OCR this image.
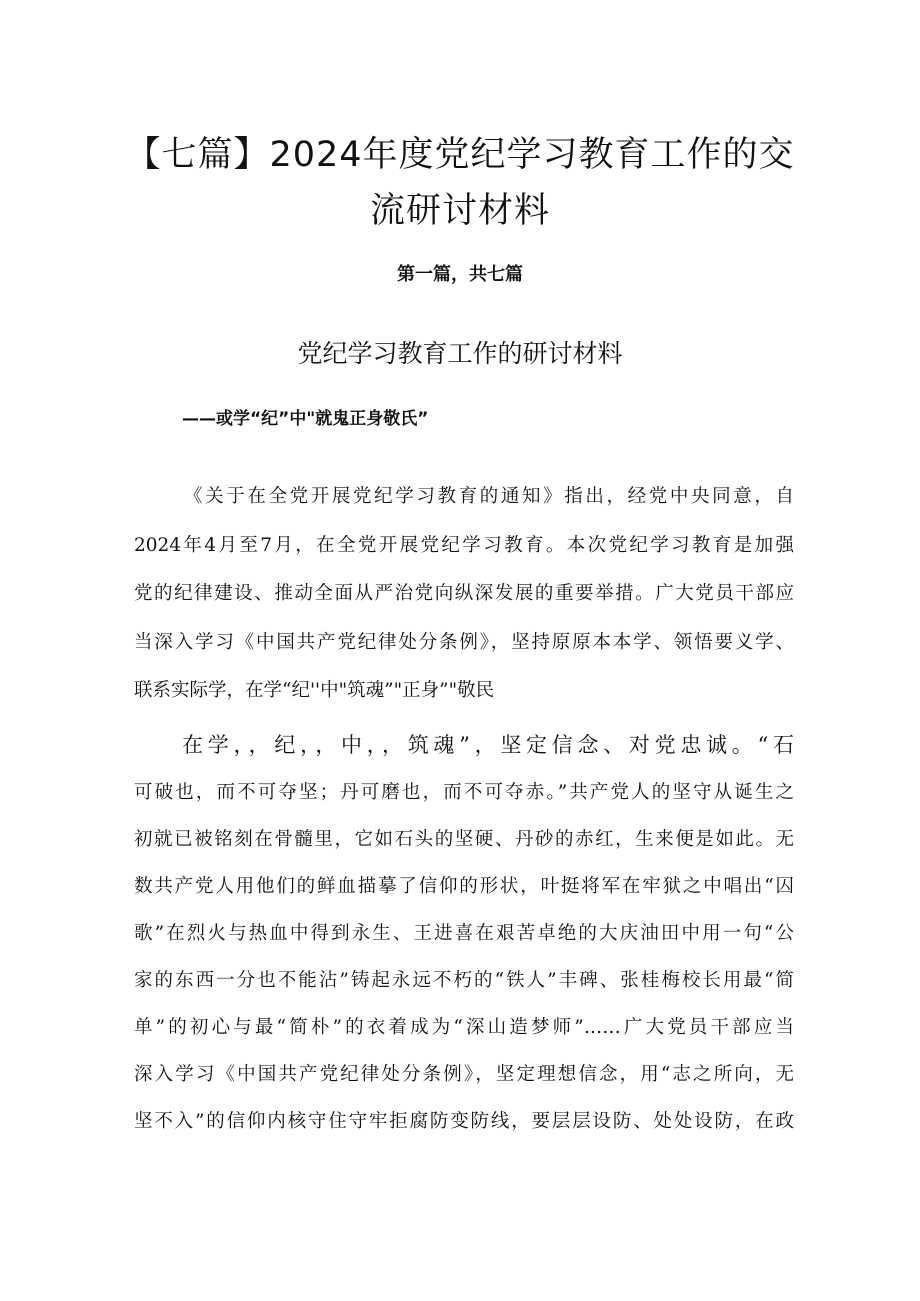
【七篇】2024年度党纪学习教育工作的交
流研讨材料
第一篇，共七篇
党纪学习教育工作的研讨材料
——或学“纪”中"就鬼正身敬氏”
《关于在全党开展党纪学习教育的通知》指出，经党中央同意，自
2024年4月至7月，在全党开展党纪学习教育。本次党纪学习教育是加强
党的纪律建设、推动全面从严治党向纵深发展的重要举措。广大党员干部应
当深入学习《中国共产党纪律处分条例》，坚持原原本本学、领悟要义学、
联系实际学，在学“纪''中"筑魂”"正身”"敬民
在学，，纪，，中，，筑魂”，坚定信念、对党忠诚。“石
可破也，而不可夺坚；丹可磨也，而不可夺赤。”共产党人的坚守从诞生之
初就已被铭刻在骨髓里，它如石头的坚硬、丹砂的赤红，生来便是如此。无
数共产党人用他们的鲜血描摹了信仰的形状，叶挺将军在牢狱之中唱出“囚
歌”在烈火与热血中得到永生、王进喜在艰苦卓绝的大庆油田中用一句“公
家的东西一分也不能沾”铸起永远不朽的“铁人”丰碑、张桂梅校长用最“简
单”的初心与最“简朴”的衣着成为“深山造梦师”……广大党员干部应当
深入学习《中国共产党纪律处分条例》，坚定理想信念，用“志之所向，无
坚不入”的信仰内核守住守牢拒腐防变防线，要层层设防、处处设防，在政
